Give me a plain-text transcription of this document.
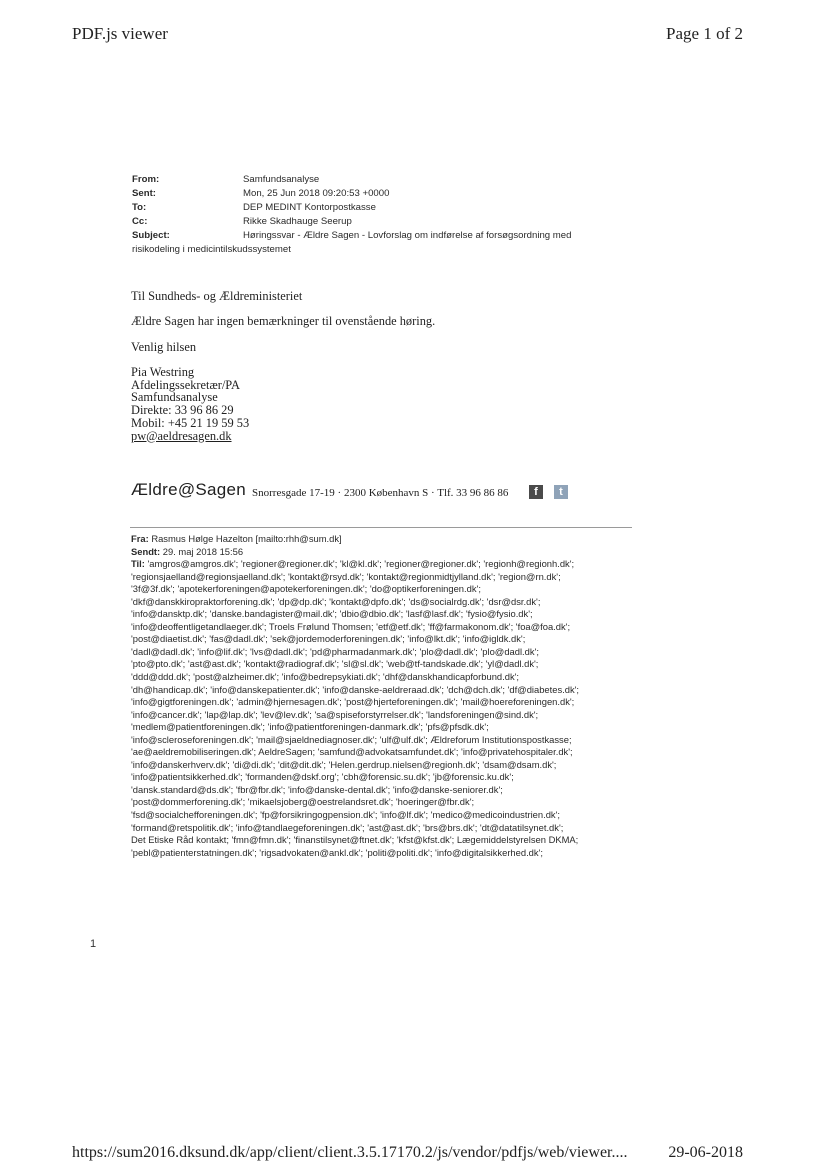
PDF.js viewer	Page 1 of 2
From:	Samfundsanalyse
Sent:	Mon, 25 Jun 2018 09:20:53 +0000
To:	DEP MEDINT Kontorpostkasse
Cc:	Rikke Skadhauge Seerup
Subject:	Høringssvar - Ældre Sagen - Lovforslag om indførelse af forsøgsordning med
risikodeling i medicintilskudssystemet
Til Sundheds- og Ældreministeriet
Ældre Sagen har ingen bemærkninger til ovenstående høring.
Venlig hilsen
Pia Westring
Afdelingssekretær/PA
Samfundsanalyse
Direkte: 33 96 86 29
Mobil: +45 21 19 59 53
pw@aeldresagen.dk
Ældre@Sagen Snorresgade 17-19 · 2300 København S · Tlf. 33 96 86 86	f	t
Fra: Rasmus Hølge Hazelton [mailto:rhh@sum.dk]
Sendt: 29. maj 2018 15:56
Til: 'amgros@amgros.dk'; 'regioner@regioner.dk'; 'kl@kl.dk'; 'regioner@regioner.dk'; 'regionh@regionh.dk';
'regionsjaelland@regionsjaelland.dk'; 'kontakt@rsyd.dk'; 'kontakt@regionmidtjylland.dk'; 'region@rn.dk';
'3f@3f.dk'; 'apotekerforeningen@apotekerforeningen.dk'; 'do@optikerforeningen.dk';
'dkf@danskkiropraktorforening.dk'; 'dp@dp.dk'; 'kontakt@dpfo.dk'; 'ds@socialrdg.dk'; 'dsr@dsr.dk';
'info@dansktp.dk'; 'danske.bandagister@mail.dk'; 'dbio@dbio.dk'; 'lasf@lasf.dk'; 'fysio@fysio.dk';
'info@deoffentligetandlaeger.dk'; Troels Frølund Thomsen; 'etf@etf.dk'; 'ff@farmakonom.dk'; 'foa@foa.dk';
'post@diaetist.dk'; 'fas@dadl.dk'; 'sek@jordemoderforeningen.dk'; 'info@lkt.dk'; 'info@igldk.dk';
'dadl@dadl.dk'; 'info@lif.dk'; 'lvs@dadl.dk'; 'pd@pharmadanmark.dk'; 'plo@dadl.dk'; 'plo@dadl.dk';
'pto@pto.dk'; 'ast@ast.dk'; 'kontakt@radiograf.dk'; 'sl@sl.dk'; 'web@tf-tandskade.dk'; 'yl@dadl.dk';
'ddd@ddd.dk'; 'post@alzheimer.dk'; 'info@bedrepsykiati.dk'; 'dhf@danskhandicapforbund.dk';
'dh@handicap.dk'; 'info@danskepatienter.dk'; 'info@danske-aeldreraad.dk'; 'dch@dch.dk'; 'df@diabetes.dk';
'info@gigtforeningen.dk'; 'admin@hjernesagen.dk'; 'post@hjerteforeningen.dk'; 'mail@hoereforeningen.dk';
'info@cancer.dk'; 'lap@lap.dk'; 'lev@lev.dk'; 'sa@spiseforstyrrelser.dk'; 'landsforeningen@sind.dk';
'medlem@patientforeningen.dk'; 'info@patientforeningen-danmark.dk'; 'pfs@pfsdk.dk';
'info@scleroseforeningen.dk'; 'mail@sjaeldnediagnoser.dk'; 'ulf@ulf.dk'; Ældreforum Institutionspostkasse;
'ae@aeldremobiliseringen.dk'; AeldreSagen; 'samfund@advokatsamfundet.dk'; 'info@privatehospitaler.dk';
'info@danskerhverv.dk'; 'di@di.dk'; 'dit@dit.dk'; 'Helen.gerdrup.nielsen@regionh.dk'; 'dsam@dsam.dk';
'info@patientsikkerhed.dk'; 'formanden@dskf.org'; 'cbh@forensic.su.dk'; 'jb@forensic.ku.dk';
'dansk.standard@ds.dk'; 'fbr@fbr.dk'; 'info@danske-dental.dk'; 'info@danske-seniorer.dk';
'post@dommerforening.dk'; 'mikaelsjoberg@oestrelandsret.dk'; 'hoeringer@fbr.dk';
'fsd@socialchefforeningen.dk'; 'fp@forsikringogpension.dk'; 'info@lf.dk'; 'medico@medicoindustrien.dk';
'formand@retspolitik.dk'; 'info@tandlaegeforeningen.dk'; 'ast@ast.dk'; 'brs@brs.dk'; 'dt@datatilsynet.dk';
Det Etiske Råd kontakt; 'fmn@fmn.dk'; 'finanstilsynet@ftnet.dk'; 'kfst@kfst.dk'; Lægemiddelstyrelsen DKMA;
'pebl@patienterstatningen.dk'; 'rigsadvokaten@ankl.dk'; 'politi@politi.dk'; 'info@digitalsikkerhed.dk';
1
https://sum2016.dksund.dk/app/client/client.3.5.17170.2/js/vendor/pdfjs/web/viewer....	29-06-2018
